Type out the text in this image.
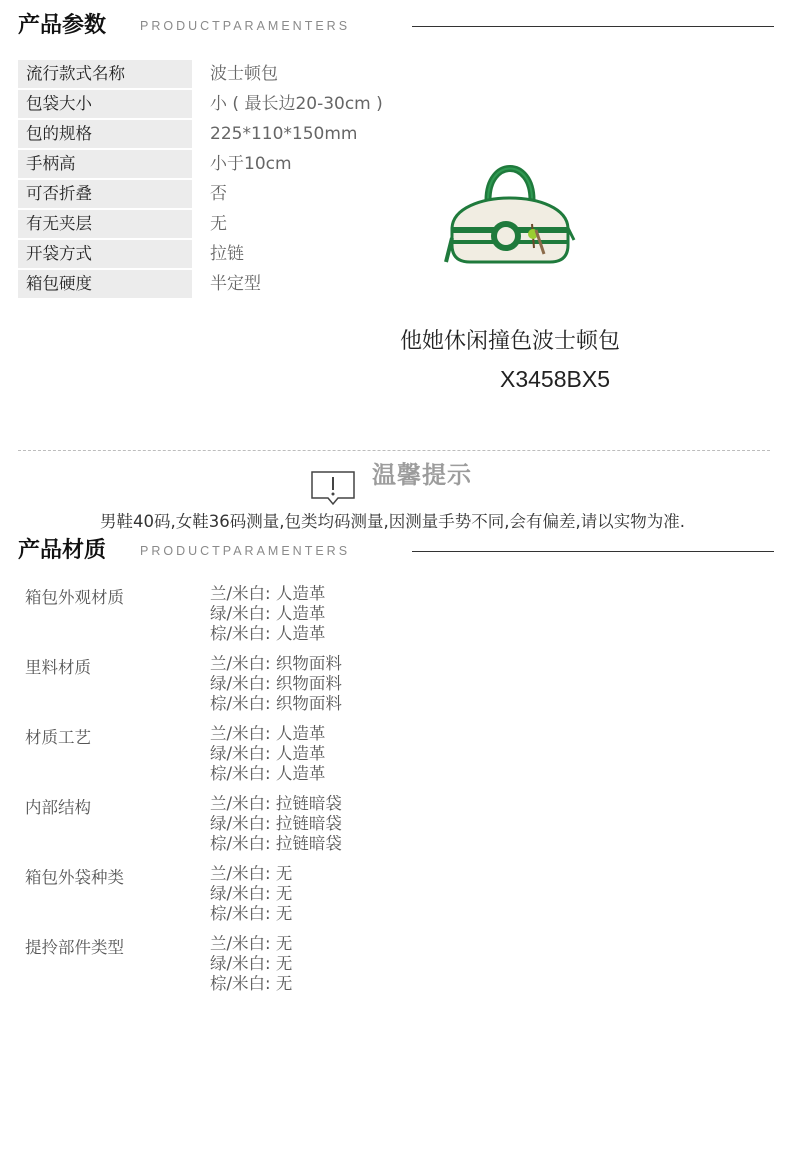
产品参数	PRODUCTPARAMENTERS
流行款式名称	波士顿包
包袋大小	小 ( 最长边20-30cm )
包的规格	225*110*150mm
手柄高	小于10cm
可否折叠	否
有无夹层	无
开袋方式	拉链
箱包硬度	半定型
他她休闲撞色波士顿包
X3458BX5
温馨提示
男鞋40码,女鞋36码测量,包类均码测量,因测量手势不同,会有偏差,请以实物为准.
产品材质	PRODUCTPARAMENTERS
箱包外观材质	兰/米白: 人造革
绿/米白: 人造革
棕/米白: 人造革
里料材质	兰/米白: 织物面料
绿/米白: 织物面料
棕/米白: 织物面料
材质工艺	兰/米白: 人造革
绿/米白: 人造革
棕/米白: 人造革
内部结构	兰/米白: 拉链暗袋
绿/米白: 拉链暗袋
棕/米白: 拉链暗袋
箱包外袋种类	兰/米白: 无
绿/米白: 无
棕/米白: 无
提拎部件类型	兰/米白: 无
绿/米白: 无
棕/米白: 无
